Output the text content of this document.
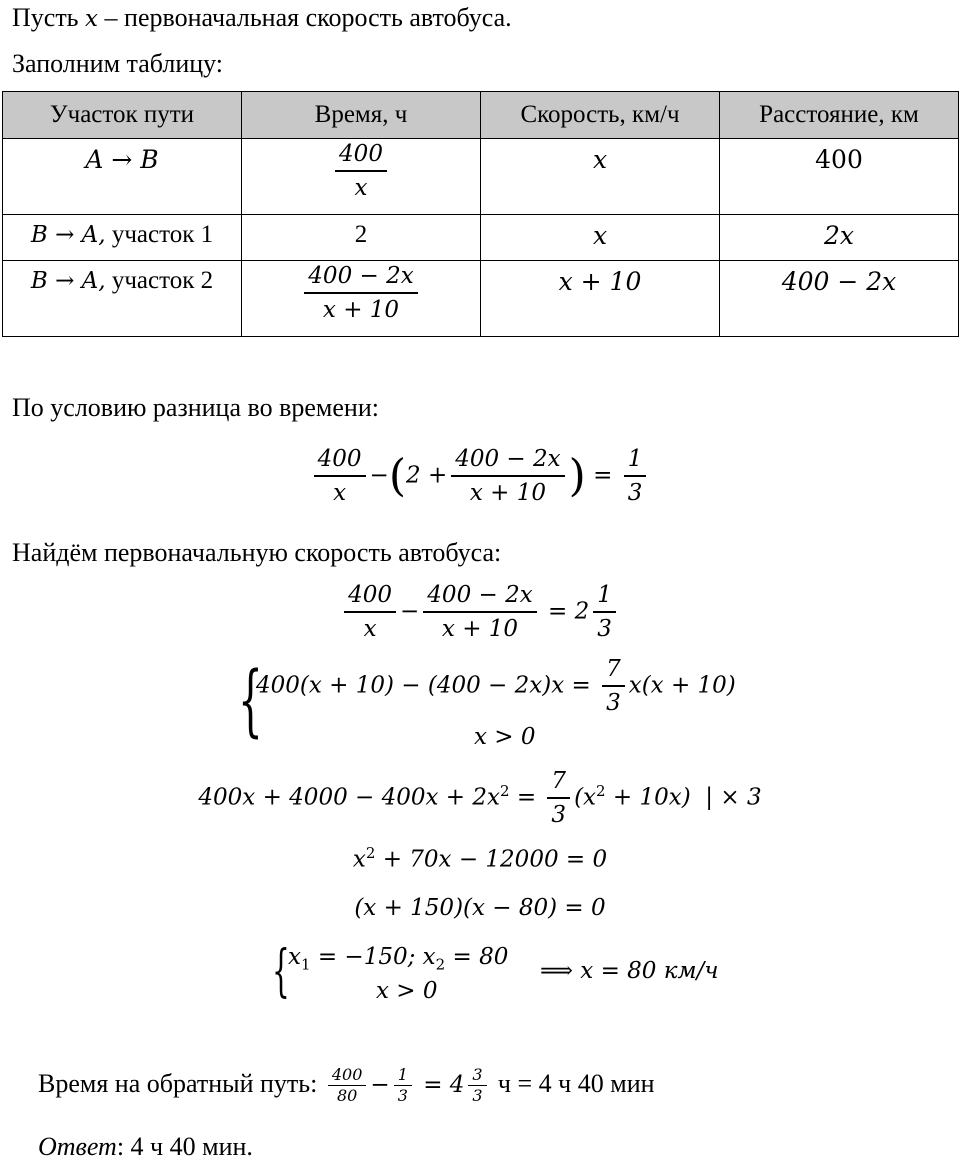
Пусть x – первоначальная скорость автобуса.
Заполним таблицу:
Участок пути	Время, ч	Скорость, км/ч	Расстояние, км
A → B	$\frac{400}{x}$	x	400
B → A, участок 1	2	x	2x
B → A, участок 2	$\frac{400 - 2x}{x + 10}$	x + 10	400 − 2x
По условию разница во времени:
$\frac{400}{x} -(2 + \frac{400 - 2x}{x + 10}$ ) = $\frac{1}{3}$
Найдём первоначальную скорость автобуса:
$\frac{400}{x} - \frac{400 - 2x}{x + 10} = 2 \frac{1}{3}$
{
$400(x + 10) - (400 - 2x)x = \frac{7}{3} x(x + 10)$
x > 0
$400x + 4000 - 400x + 2x^2 = \frac{7}{3} (x^2 + 10x)$ | × 3
$x^2 + 70x - 12000 = 0$
(x + 150)(x − 80) = 0
{
$x_1 = -150$; $x_2 = 80$
x > 0
⟹ x = 80 км/ч
Время на обратный путь: $\frac{400}{80} - \frac{1}{3} = 4 \frac{3}{3}$ ч = 4 ч 40 мин
Ответ: 4 ч 40 мин.
